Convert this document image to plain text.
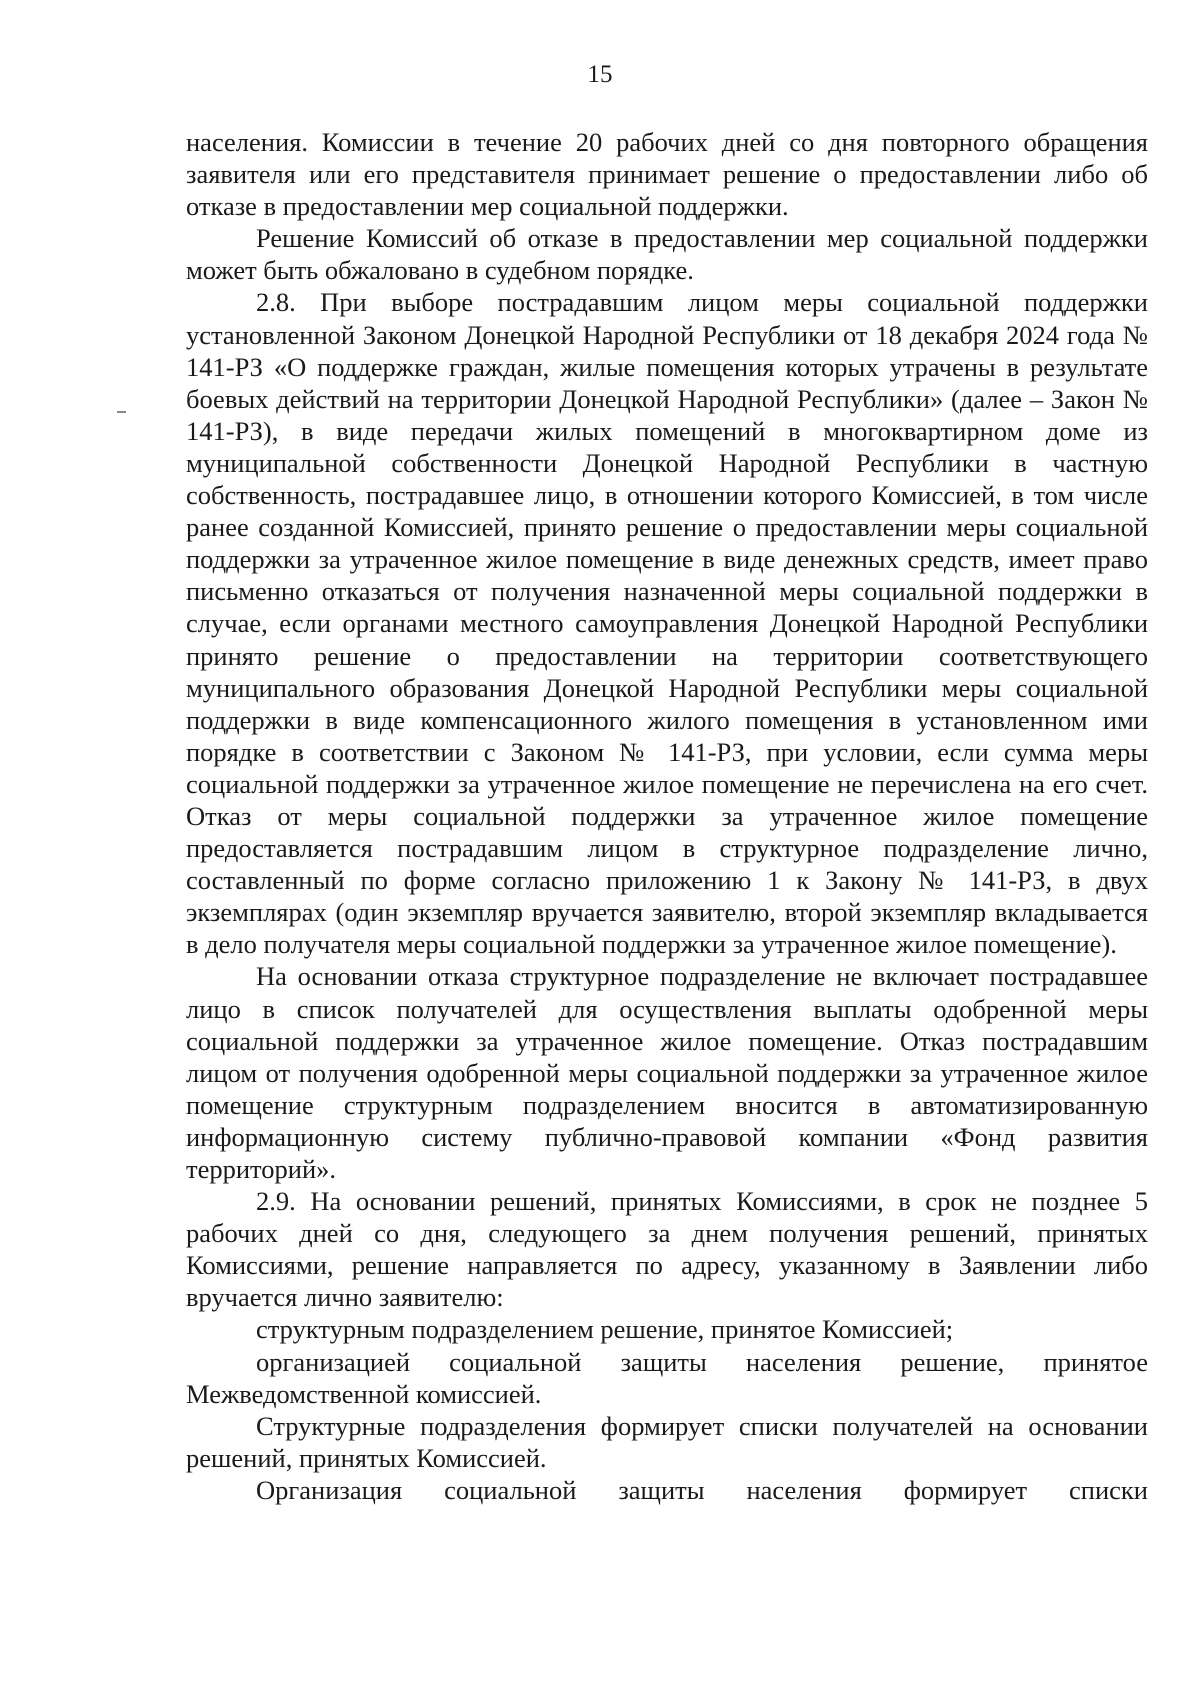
15

населения. Комиссии в течение 20 рабочих дней со дня повторного обращения заявителя или его представителя принимает решение о предоставлении либо об отказе в предоставлении мер социальной поддержки.

Решение Комиссий об отказе в предоставлении мер социальной поддержки может быть обжаловано в судебном порядке.

2.8. При выборе пострадавшим лицом меры социальной поддержки установленной Законом Донецкой Народной Республики от 18 декабря 2024 года № 141-РЗ «О поддержке граждан, жилые помещения которых утрачены в результате боевых действий на территории Донецкой Народной Республики» (далее – Закон № 141-РЗ), в виде передачи жилых помещений в многоквартирном доме из муниципальной собственности Донецкой Народной Республики в частную собственность, пострадавшее лицо, в отношении которого Комиссией, в том числе ранее созданной Комиссией, принято решение о предоставлении меры социальной поддержки за утраченное жилое помещение в виде денежных средств, имеет право письменно отказаться от получения назначенной меры социальной поддержки в случае, если органами местного самоуправления Донецкой Народной Республики принято решение о предоставлении на территории соответствующего муниципального образования Донецкой Народной Республики меры социальной поддержки в виде компенсационного жилого помещения в установленном ими порядке в соответствии с Законом № 141-РЗ, при условии, если сумма меры социальной поддержки за утраченное жилое помещение не перечислена на его счет. Отказ от меры социальной поддержки за утраченное жилое помещение предоставляется пострадавшим лицом в структурное подразделение лично, составленный по форме согласно приложению 1 к Закону № 141-РЗ, в двух экземплярах (один экземпляр вручается заявителю, второй экземпляр вкладывается в дело получателя меры социальной поддержки за утраченное жилое помещение).

На основании отказа структурное подразделение не включает пострадавшее лицо в список получателей для осуществления выплаты одобренной меры социальной поддержки за утраченное жилое помещение. Отказ пострадавшим лицом от получения одобренной меры социальной поддержки за утраченное жилое помещение структурным подразделением вносится в автоматизированную информационную систему публично-правовой компании «Фонд развития территорий».

2.9. На основании решений, принятых Комиссиями, в срок не позднее 5 рабочих дней со дня, следующего за днем получения решений, принятых Комиссиями, решение направляется по адресу, указанному в Заявлении либо вручается лично заявителю:

структурным подразделением решение, принятое Комиссией;

организацией социальной защиты населения решение, принятое Межведомственной комиссией.

Структурные подразделения формирует списки получателей на основании решений, принятых Комиссией.

Организация социальной защиты населения формирует списки
